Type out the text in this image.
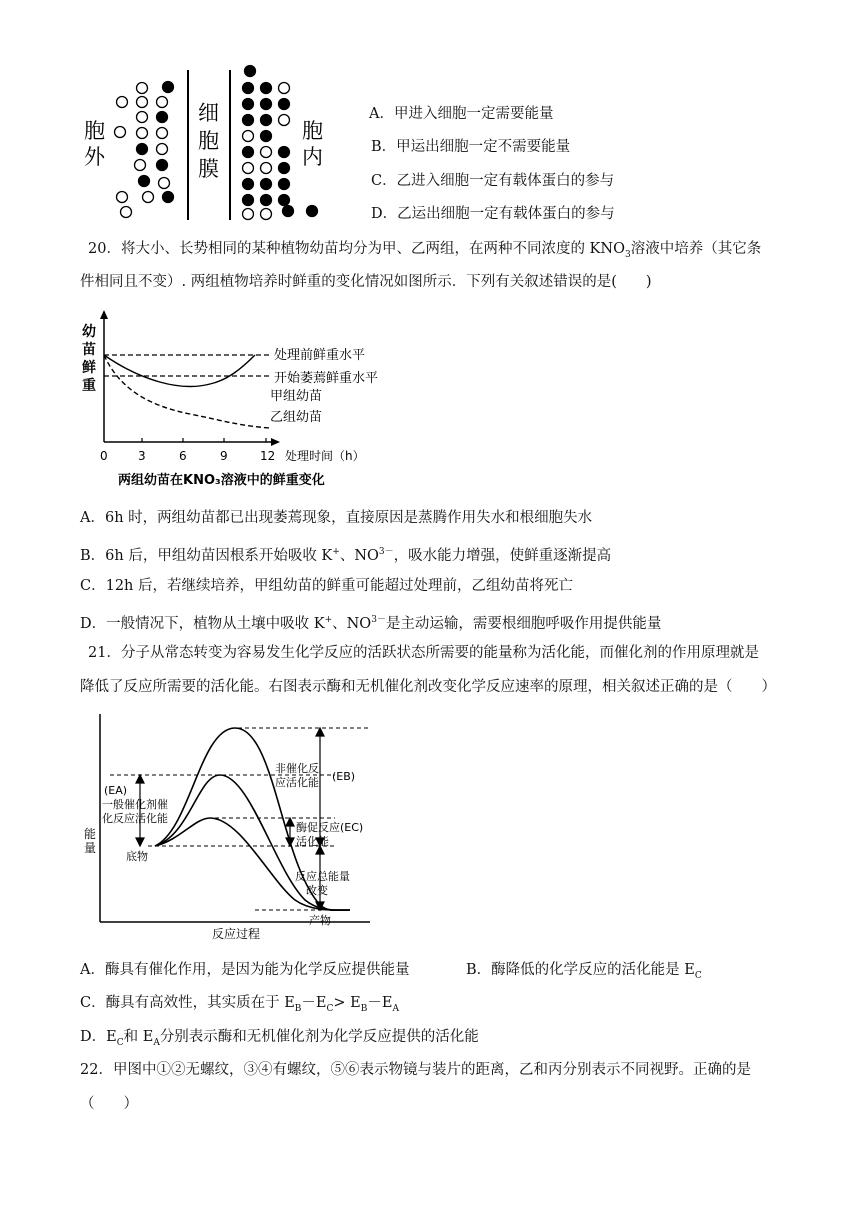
胞
外
细
胞
膜
胞
内
A．甲进入细胞一定需要能量
B．甲运出细胞一定不需要能量
C．乙进入细胞一定有载体蛋白的参与
D．乙运出细胞一定有载体蛋白的参与
20．将大小、长势相同的某种植物幼苗均分为甲、乙两组，在两种不同浓度的 $KNO_3$溶液中培养（其它条
件相同且不变）. 两组植物培养时鲜重的变化情况如图所示．下列有关叙述错误的是(　　)
幼
苗
鲜
重
0	3	6	9	12 处理时间（h）
处理前鲜重水平
开始萎蔫鲜重水平
甲组幼苗
乙组幼苗
两组幼苗在KNO₃溶液中的鲜重变化
A．6h 时，两组幼苗都已出现萎蔫现象，直接原因是蒸腾作用失水和根细胞失水
B．6h 后，甲组幼苗因根系开始吸收 K+、$NO^{3-}$，吸水能力增强，使鲜重逐渐提高
C．12h 后，若继续培养，甲组幼苗的鲜重可能超过处理前，乙组幼苗将死亡
D．一般情况下，植物从土壤中吸收 K+、$NO^{3-}$是主动运输，需要根细胞呼吸作用提供能量
21．分子从常态转变为容易发生化学反应的活跃状态所需要的能量称为活化能，而催化剂的作用原理就是
降低了反应所需要的活化能。右图表示酶和无机催化剂改变化学反应速率的原理，相关叙述正确的是（　　）
能
量
反应过程
(EA)
一般催化剂催
化反应活化能
底物
非催化反
应活化能 (EB)
酶促反应(EC)
活化能
反应总能量
改变
产物
A．酶具有催化作用，是因为能为化学反应提供能量	B．酶降低的化学反应的活化能是 $E_C$
C．酶具有高效性，其实质在于 $E_B-E_C> E_B-E_A$
D．$E_C$和 $E_A$分别表示酶和无机催化剂为化学反应提供的活化能
22．甲图中①②无螺纹，③④有螺纹，⑤⑥表示物镜与装片的距离，乙和丙分别表示不同视野。正确的是
（　　）
